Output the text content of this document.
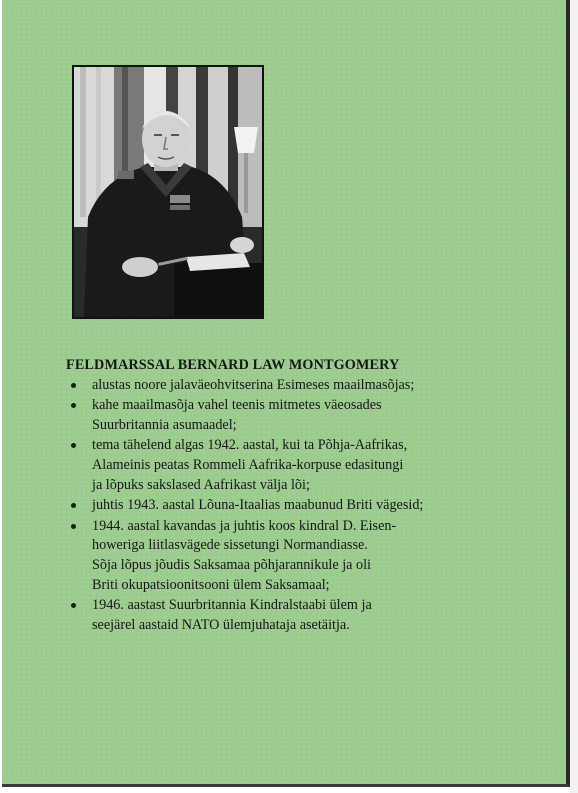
FELDMARSSAL BERNARD LAW MONTGOMERY
alustas noore jalaväeohvitserina Esimeses maailmasõjas;
kahe maailmasõja vahel teenis mitmetes väeosades
Suurbritannia asumaadel;
tema tähelend algas 1942. aastal, kui ta Põhja-Aafrikas,
Alameinis peatas Rommeli Aafrika-korpuse edasitungi
ja lõpuks sakslased Aafrikast välja lõi;
juhtis 1943. aastal Lõuna-Itaalias maabunud Briti vägesid;
1944. aastal kavandas ja juhtis koos kindral D. Eisen-
howeriga liitlasvägede sissetungi Normandiasse.
Sõja lõpus jõudis Saksamaa põhjarannikule ja oli
Briti okupatsioonitsooni ülem Saksamaal;
1946. aastast Suurbritannia Kindralstaabi ülem ja
seejärel aastaid NATO ülemjuhataja asetäitja.
